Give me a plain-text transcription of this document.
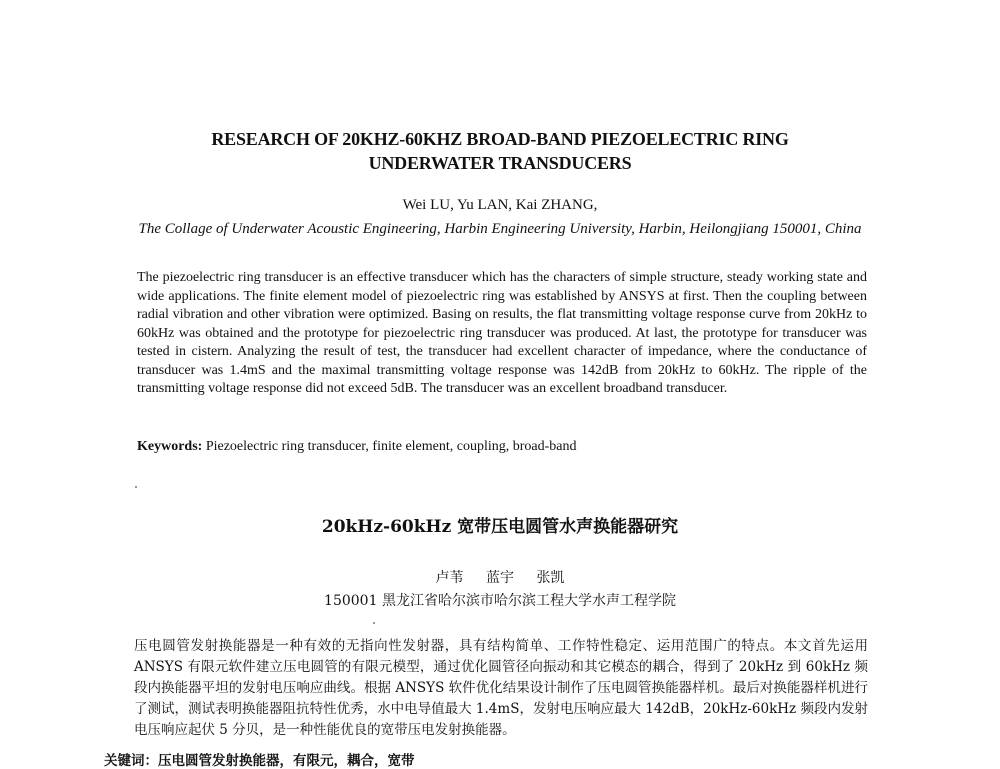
RESEARCH OF 20KHZ-60KHZ BROAD-BAND PIEZOELECTRIC RING
UNDERWATER TRANSDUCERS
Wei LU, Yu LAN, Kai ZHANG,
The Collage of Underwater Acoustic Engineering, Harbin Engineering University, Harbin, Heilongjiang 150001, China
The piezoelectric ring transducer is an effective transducer which has the characters of simple structure, steady working state and wide applications. The finite element model of piezoelectric ring was established by ANSYS at first. Then the coupling between radial vibration and other vibration were optimized. Basing on results, the flat transmitting voltage response curve from 20kHz to 60kHz was obtained and the prototype for piezoelectric ring transducer was produced. At last, the prototype for transducer was tested in cistern. Analyzing the result of test, the transducer had excellent character of impedance, where the conductance of transducer was 1.4mS and the maximal transmitting voltage response was 142dB from 20kHz to 60kHz. The ripple of the transmitting voltage response did not exceed 5dB. The transducer was an excellent broadband transducer.
Keywords: Piezoelectric ring transducer, finite element, coupling, broad-band
20kHz-60kHz 宽带压电圆管水声换能器研究
卢苇 蓝宇 张凯
150001 黑龙江省哈尔滨市哈尔滨工程大学水声工程学院
压电圆管发射换能器是一种有效的无指向性发射器，具有结构简单、工作特性稳定、运用范围广的特点。本文首先运用 ANSYS 有限元软件建立压电圆管的有限元模型，通过优化圆管径向振动和其它模态的耦合，得到了 20kHz 到 60kHz 频段内换能器平坦的发射电压响应曲线。根据 ANSYS 软件优化结果设计制作了压电圆管换能器样机。最后对换能器样机进行了测试，测试表明换能器阻抗特性优秀，水中电导值最大 1.4mS，发射电压响应最大 142dB，20kHz-60kHz 频段内发射电压响应起伏 5 分贝，是一种性能优良的宽带压电发射换能器。
关键词：压电圆管发射换能器，有限元，耦合，宽带
